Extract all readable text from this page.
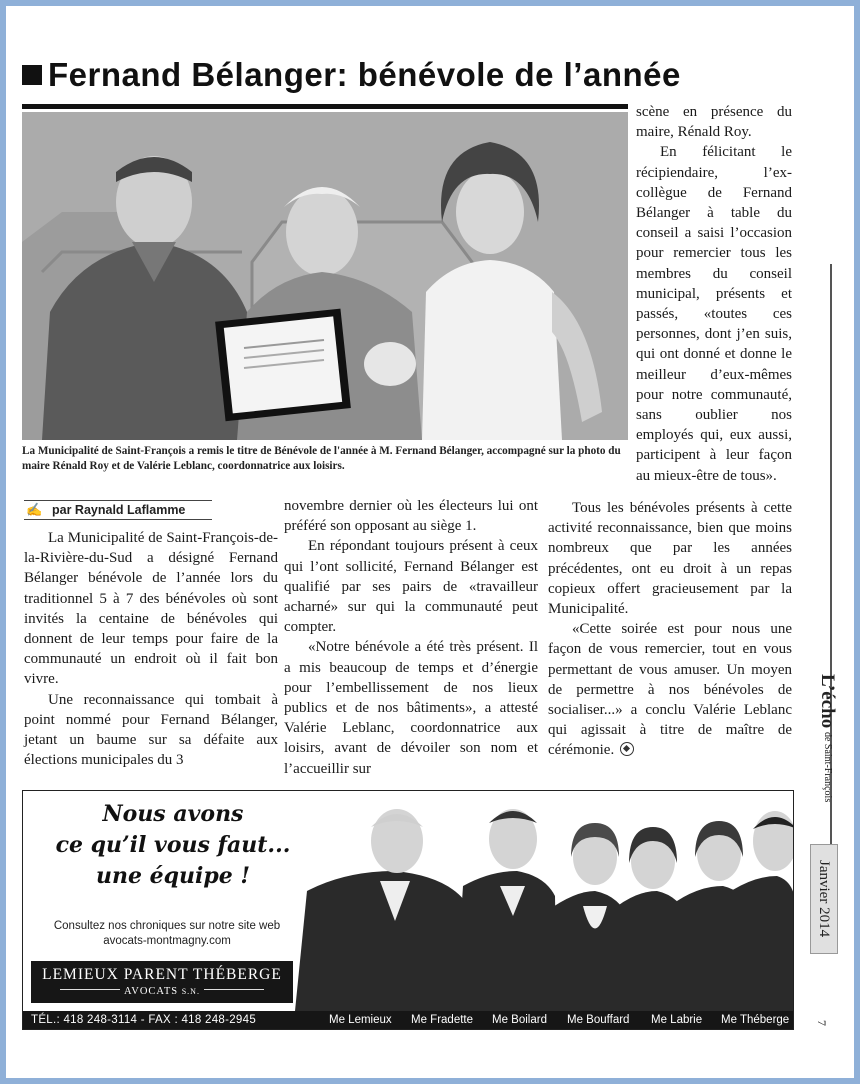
Fernand Bélanger: bénévole de l’année
La Municipalité de Saint-François a remis le titre de Bénévole de l'année à M. Fernand Bélanger, accompagné sur la photo du maire Rénald Roy et de Valérie Leblanc, coordonnatrice aux loisirs.
✍ par Raynald Laflamme

La Municipalité de Saint-François-de-la-Rivière-du-Sud a désigné Fernand Bélanger bénévole de l’année lors du traditionnel 5 à 7 des bénévoles où sont invités la centaine de bénévoles qui donnent de leur temps pour faire de la communauté un endroit où il fait bon vivre.

Une reconnaissance qui tombait à point nommé pour Fernand Bélanger, jetant un baume sur sa défaite aux élections municipales du 3

novembre dernier où les électeurs lui ont préféré son opposant au siège 1.

En répondant toujours présent à ceux qui l’ont sollicité, Fernand Bélanger est qualifié par ses pairs de «travailleur acharné» sur qui la communauté peut compter.

«Notre bénévole a été très présent. Il a mis beaucoup de temps et d’énergie pour l’embellissement de nos lieux publics et de nos bâtiments», a attesté Valérie Leblanc, coordonnatrice aux loisirs, avant de dévoiler son nom et l’accueillir sur

scène en présence du maire, Rénald Roy.

En félicitant le récipiendaire, l’ex-collègue de Fernand Bélanger à table du conseil a saisi l’occasion pour remercier tous les membres du conseil municipal, présents et passés, «toutes ces personnes, dont j’en suis, qui ont donné et donne le meilleur d’eux-mêmes pour notre communauté, sans oublier nos employés qui, eux aussi, participent à leur façon au mieux-être de tous».

Tous les bénévoles présents à cette activité reconnaissance, bien que moins nombreux que par les années précédentes, ont eu droit à un repas copieux offert gracieusement par la Municipalité.

«Cette soirée est pour nous une façon de vous remercier, tout en vous permettant de vous amuser. Un moyen de permettre à nos bénévoles de socialiser...» a conclu Valérie Leblanc qui agissait à titre de maître de cérémonie.

L’écho de Saint-François
Janvier 2014
7
Nous avons
ce qu’il vous faut...
une équipe !
Consultez nos chroniques sur notre site web
avocats-montmagny.com
LEMIEUX PARENT THÉBERGE
AVOCATS S.N.
TÉL.: 418 248-3114 - FAX : 418 248-2945	Me Lemieux Me Fradette Me Boilard Me Bouffard Me Labrie Me Théberge
